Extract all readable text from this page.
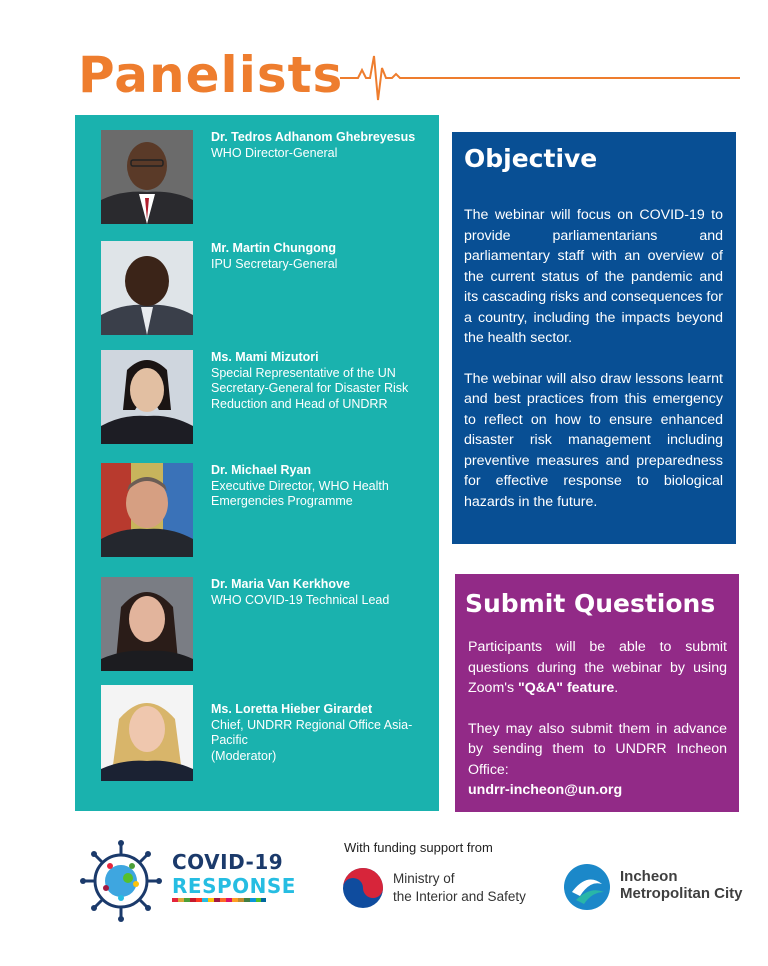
Panelists
Dr. Tedros Adhanom Ghebreyesus
WHO Director-General
Mr. Martin Chungong
IPU Secretary-General
Ms. Mami Mizutori
Special Representative of the UN Secretary-General for Disaster Risk Reduction and Head of UNDRR
Dr. Michael Ryan
Executive Director, WHO Health Emergencies Programme
Dr. Maria Van Kerkhove
WHO COVID-19 Technical Lead
Ms. Loretta Hieber Girardet
Chief, UNDRR Regional Office Asia-Pacific
(Moderator)
Objective

The webinar will focus on COVID-19 to provide parliamentarians and parliamentary staff with an overview of the current status of the pandemic and its cascading risks and consequences for a country, including the impacts beyond the health sector.

The webinar will also draw lessons learnt and best practices from this emergency to reflect on how to ensure enhanced disaster risk management including preventive measures and preparedness for effective response to biological hazards in the future.

Submit Questions

Participants will be able to submit questions during the webinar by using Zoom's "Q&A" feature.

They may also submit them in advance by sending them to UNDRR Incheon Office:

undrr-incheon@un.org

COVID-19
RESPONSE
With funding support from
Ministry of
the Interior and Safety
Incheon
Metropolitan City
